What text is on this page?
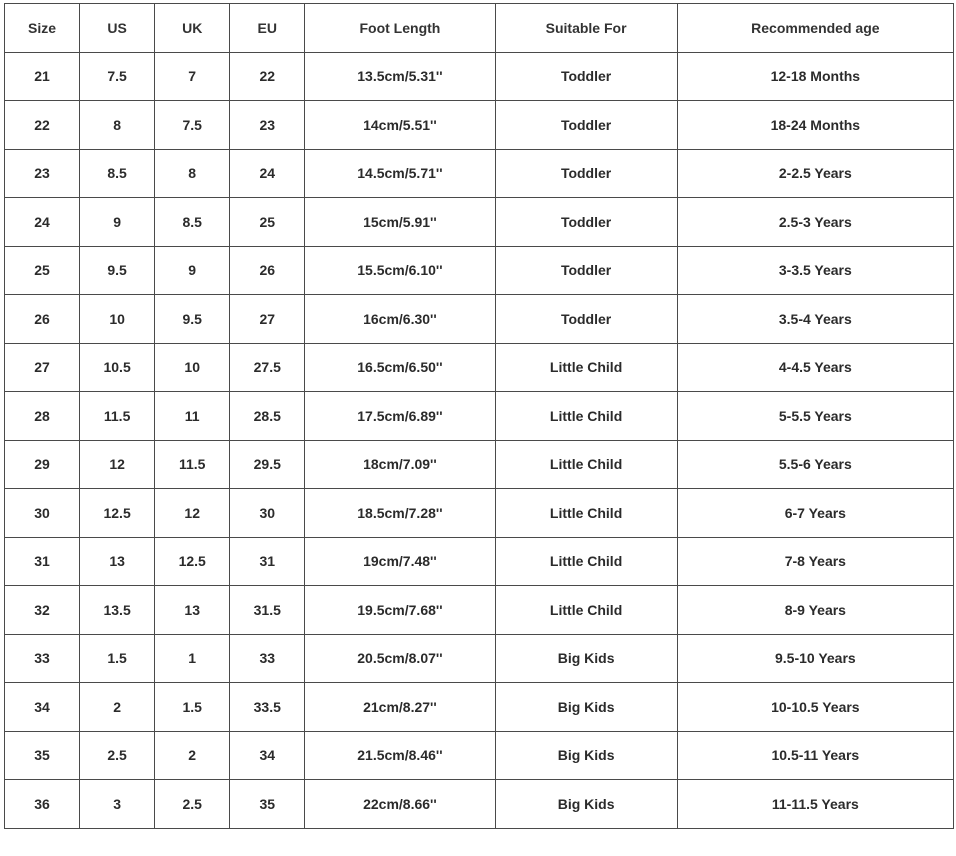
Size	US	UK	EU	Foot Length	Suitable For	Recommended age
21	7.5	7	22	13.5cm/5.31''	Toddler	12-18 Months
22	8	7.5	23	14cm/5.51''	Toddler	18-24 Months
23	8.5	8	24	14.5cm/5.71''	Toddler	2-2.5 Years
24	9	8.5	25	15cm/5.91''	Toddler	2.5-3 Years
25	9.5	9	26	15.5cm/6.10''	Toddler	3-3.5 Years
26	10	9.5	27	16cm/6.30''	Toddler	3.5-4 Years
27	10.5	10	27.5	16.5cm/6.50''	Little Child	4-4.5 Years
28	11.5	11	28.5	17.5cm/6.89''	Little Child	5-5.5 Years
29	12	11.5	29.5	18cm/7.09''	Little Child	5.5-6 Years
30	12.5	12	30	18.5cm/7.28''	Little Child	6-7 Years
31	13	12.5	31	19cm/7.48''	Little Child	7-8 Years
32	13.5	13	31.5	19.5cm/7.68''	Little Child	8-9 Years
33	1.5	1	33	20.5cm/8.07''	Big Kids	9.5-10 Years
34	2	1.5	33.5	21cm/8.27''	Big Kids	10-10.5 Years
35	2.5	2	34	21.5cm/8.46''	Big Kids	10.5-11 Years
36	3	2.5	35	22cm/8.66''	Big Kids	11-11.5 Years
